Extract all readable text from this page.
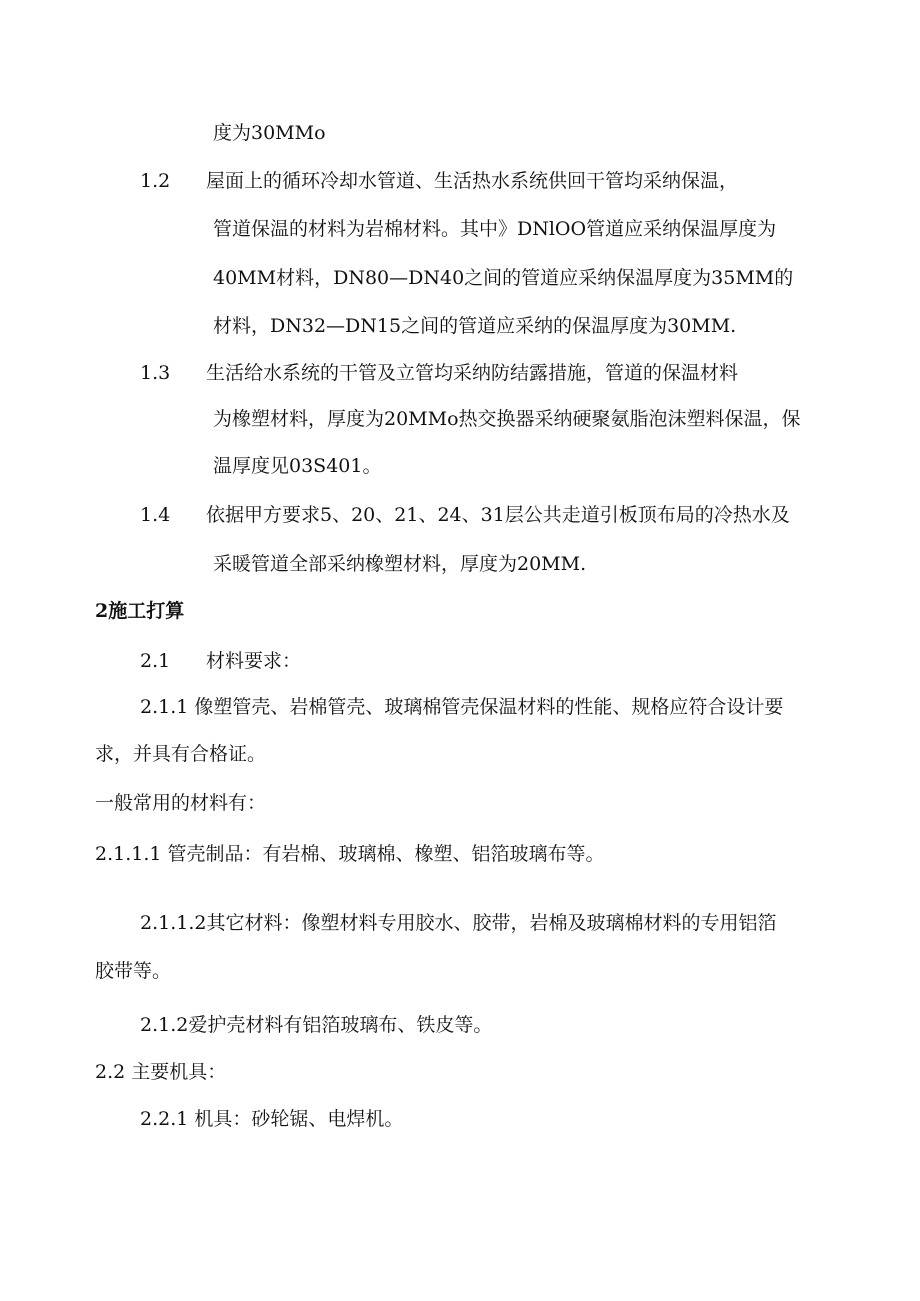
度为30MMo
1.2 屋面上的循环冷却水管道、生活热水系统供回干管均采纳保温，
管道保温的材料为岩棉材料。其中》DNlOO管道应采纳保温厚度为
40MM材料，DN80—DN40之间的管道应采纳保温厚度为35MM的
材料，DN32—DN15之间的管道应采纳的保温厚度为30MM.
1.3 生活给水系统的干管及立管均采纳防结露措施，管道的保温材料
为橡塑材料，厚度为20MMo热交换器采纳硬聚氨脂泡沫塑料保温，保
温厚度见03S401。
1.4 依据甲方要求5、20、21、24、31层公共走道引板顶布局的冷热水及
采暖管道全部采纳橡塑材料，厚度为20MM.
2施工打算
2.1 材料要求：
2.1.1 像塑管壳、岩棉管壳、玻璃棉管壳保温材料的性能、规格应符合设计要
求，并具有合格证。
一般常用的材料有：
2.1.1.1 管壳制品：有岩棉、玻璃棉、橡塑、铝箔玻璃布等。
2.1.1.2其它材料：像塑材料专用胶水、胶带，岩棉及玻璃棉材料的专用铝箔
胶带等。
2.1.2爱护壳材料有铝箔玻璃布、铁皮等。
2.2 主要机具：
2.2.1 机具：砂轮锯、电焊机。
